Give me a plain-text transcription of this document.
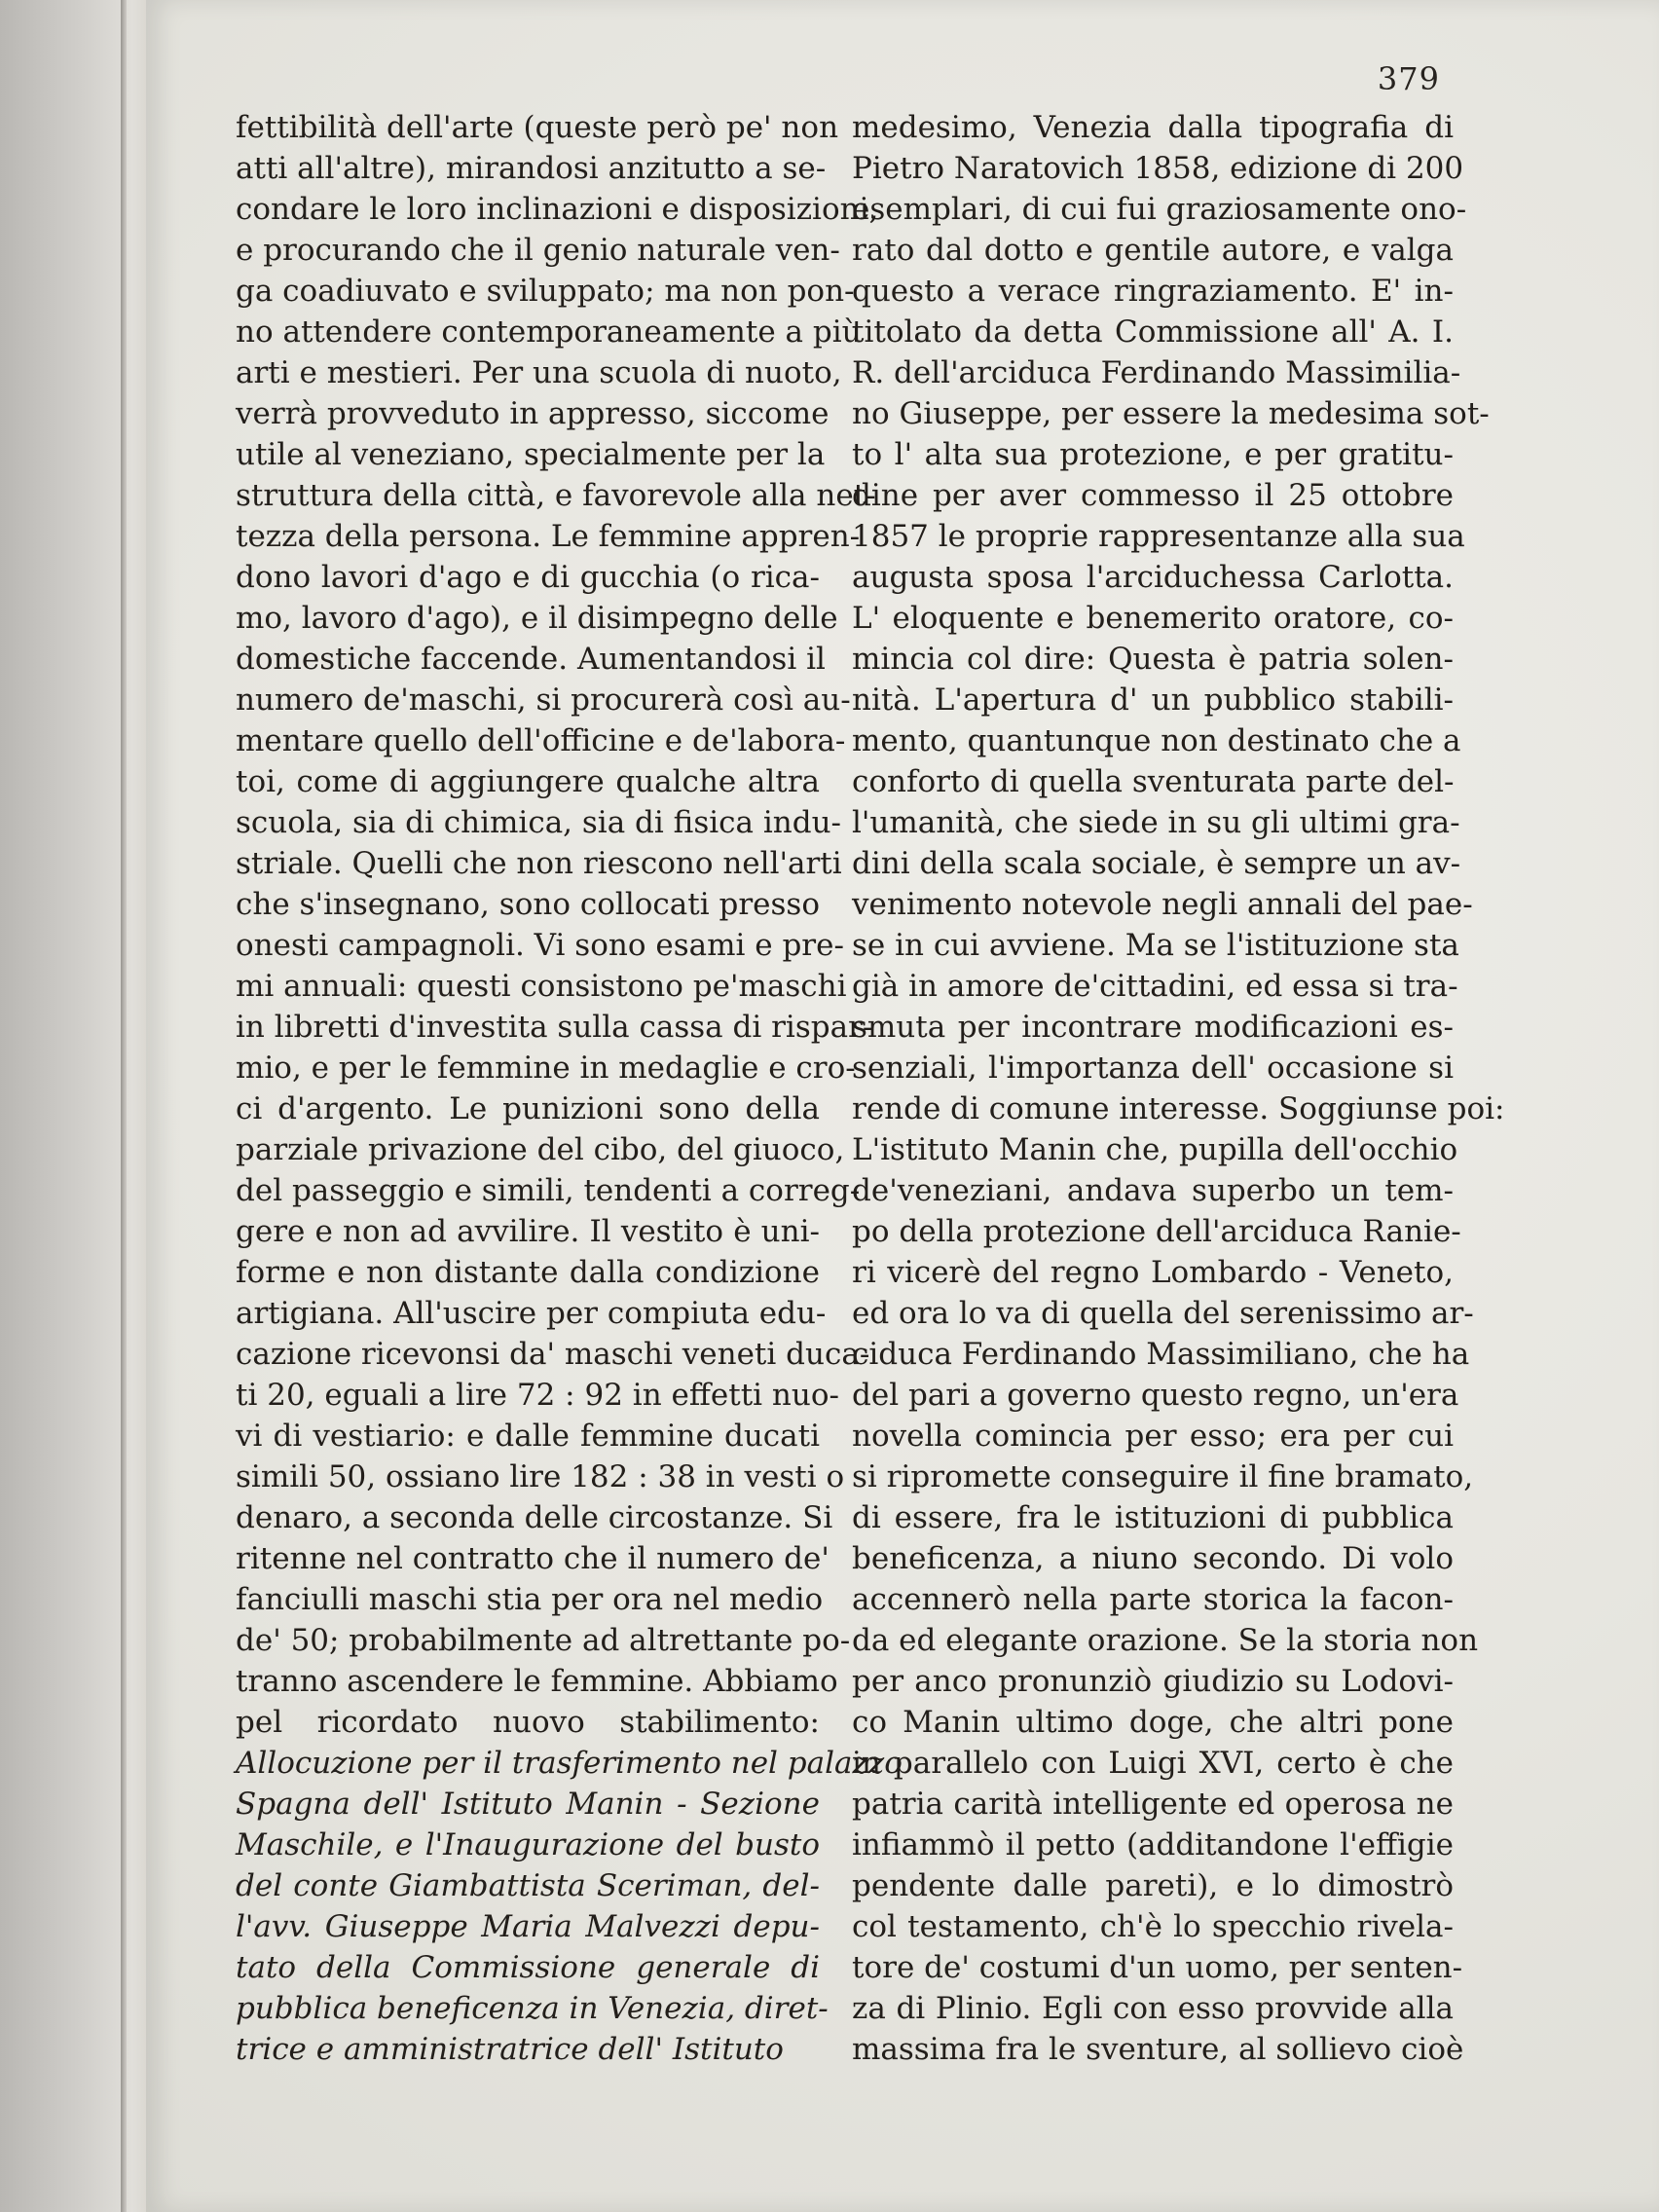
379
fettibilità dell'arte (queste però pe' non
atti all'altre), mirandosi anzitutto a se-
condare le loro inclinazioni e disposizioni,
e procurando che il genio naturale ven-
ga coadiuvato e sviluppato; ma non pon-
no attendere contemporaneamente a più
arti e mestieri. Per una scuola di nuoto,
verrà provveduto in appresso, siccome
utile al veneziano, specialmente per la
struttura della città, e favorevole alla net-
tezza della persona. Le femmine appren-
dono lavori d'ago e di gucchia (o rica-
mo, lavoro d'ago), e il disimpegno delle
domestiche faccende. Aumentandosi il
numero de'maschi, si procurerà così au-
mentare quello dell'officine e de'labora-
toi, come di aggiungere qualche altra
scuola, sia di chimica, sia di fisica indu-
striale. Quelli che non riescono nell'arti
che s'insegnano, sono collocati presso
onesti campagnoli. Vi sono esami e pre-
mi annuali: questi consistono pe'maschi
in libretti d'investita sulla cassa di rispar-
mio, e per le femmine in medaglie e cro-
ci d'argento. Le punizioni sono della
parziale privazione del cibo, del giuoco,
del passeggio e simili, tendenti a correg-
gere e non ad avvilire. Il vestito è uni-
forme e non distante dalla condizione
artigiana. All'uscire per compiuta edu-
cazione ricevonsi da' maschi veneti duca-
ti 20, eguali a lire 72 : 92 in effetti nuo-
vi di vestiario: e dalle femmine ducati
simili 50, ossiano lire 182 : 38 in vesti o
denaro, a seconda delle circostanze. Si
ritenne nel contratto che il numero de'
fanciulli maschi stia per ora nel medio
de' 50; probabilmente ad altrettante po-
tranno ascendere le femmine. Abbiamo
pel ricordato nuovo stabilimento:
Allocuzione per il trasferimento nel palazzo
Spagna dell' Istituto Manin - Sezione
Maschile, e l'Inaugurazione del busto
del conte Giambattista Sceriman, del-
l'avv. Giuseppe Maria Malvezzi depu-
tato della Commissione generale di
pubblica beneficenza in Venezia, diret-
trice e amministratrice dell' Istituto
medesimo, Venezia dalla tipografia di
Pietro Naratovich 1858, edizione di 200
esemplari, di cui fui graziosamente ono-
rato dal dotto e gentile autore, e valga
questo a verace ringraziamento. E' in-
titolato da detta Commissione all' A. I.
R. dell'arciduca Ferdinando Massimilia-
no Giuseppe, per essere la medesima sot-
to l' alta sua protezione, e per gratitu-
dine per aver commesso il 25 ottobre
1857 le proprie rappresentanze alla sua
augusta sposa l'arciduchessa Carlotta.
L' eloquente e benemerito oratore, co-
mincia col dire: Questa è patria solen-
nità. L'apertura d' un pubblico stabili-
mento, quantunque non destinato che a
conforto di quella sventurata parte del-
l'umanità, che siede in su gli ultimi gra-
dini della scala sociale, è sempre un av-
venimento notevole negli annali del pae-
se in cui avviene. Ma se l'istituzione sta
già in amore de'cittadini, ed essa si tra-
smuta per incontrare modificazioni es-
senziali, l'importanza dell' occasione si
rende di comune interesse. Soggiunse poi:
L'istituto Manin che, pupilla dell'occhio
de'veneziani, andava superbo un tem-
po della protezione dell'arciduca Ranie-
ri vicerè del regno Lombardo - Veneto,
ed ora lo va di quella del serenissimo ar-
ciduca Ferdinando Massimiliano, che ha
del pari a governo questo regno, un'era
novella comincia per esso; era per cui
si ripromette conseguire il fine bramato,
di essere, fra le istituzioni di pubblica
beneficenza, a niuno secondo. Di volo
accennerò nella parte storica la facon-
da ed elegante orazione. Se la storia non
per anco pronunziò giudizio su Lodovi-
co Manin ultimo doge, che altri pone
in parallelo con Luigi XVI, certo è che
patria carità intelligente ed operosa ne
infiammò il petto (additandone l'effigie
pendente dalle pareti), e lo dimostrò
col testamento, ch'è lo specchio rivela-
tore de' costumi d'un uomo, per senten-
za di Plinio. Egli con esso provvide alla
massima fra le sventure, al sollievo cioè
